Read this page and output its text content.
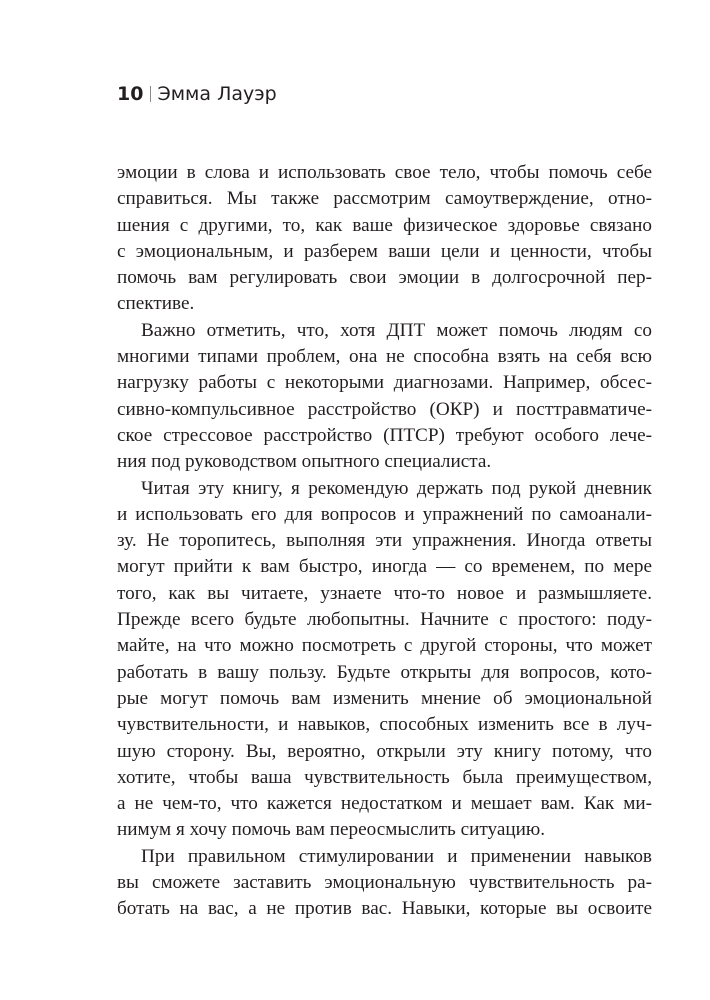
10 Эмма Лауэр
эмоции в слова и использовать свое тело, чтобы помочь себе
справиться. Мы также рассмотрим самоутверждение, отно-
шения с другими, то, как ваше физическое здоровье связано
с эмоциональным, и разберем ваши цели и ценности, чтобы
помочь вам регулировать свои эмоции в долгосрочной пер-
спективе.
Важно отметить, что, хотя ДПТ может помочь людям со
многими типами проблем, она не способна взять на себя всю
нагрузку работы с некоторыми диагнозами. Например, обсес-
сивно-компульсивное расстройство (ОКР) и посттравматиче-
ское стрессовое расстройство (ПТСР) требуют особого лече-
ния под руководством опытного специалиста.
Читая эту книгу, я рекомендую держать под рукой дневник
и использовать его для вопросов и упражнений по самоанали-
зу. Не торопитесь, выполняя эти упражнения. Иногда ответы
могут прийти к вам быстро, иногда — со временем, по мере
того, как вы читаете, узнаете что-то новое и размышляете.
Прежде всего будьте любопытны. Начните с простого: поду-
майте, на что можно посмотреть с другой стороны, что может
работать в вашу пользу. Будьте открыты для вопросов, кото-
рые могут помочь вам изменить мнение об эмоциональной
чувствительности, и навыков, способных изменить все в луч-
шую сторону. Вы, вероятно, открыли эту книгу потому, что
хотите, чтобы ваша чувствительность была преимуществом,
а не чем-то, что кажется недостатком и мешает вам. Как ми-
нимум я хочу помочь вам переосмыслить ситуацию.
При правильном стимулировании и применении навыков
вы сможете заставить эмоциональную чувствительность ра-
ботать на вас, а не против вас. Навыки, которые вы освоите
